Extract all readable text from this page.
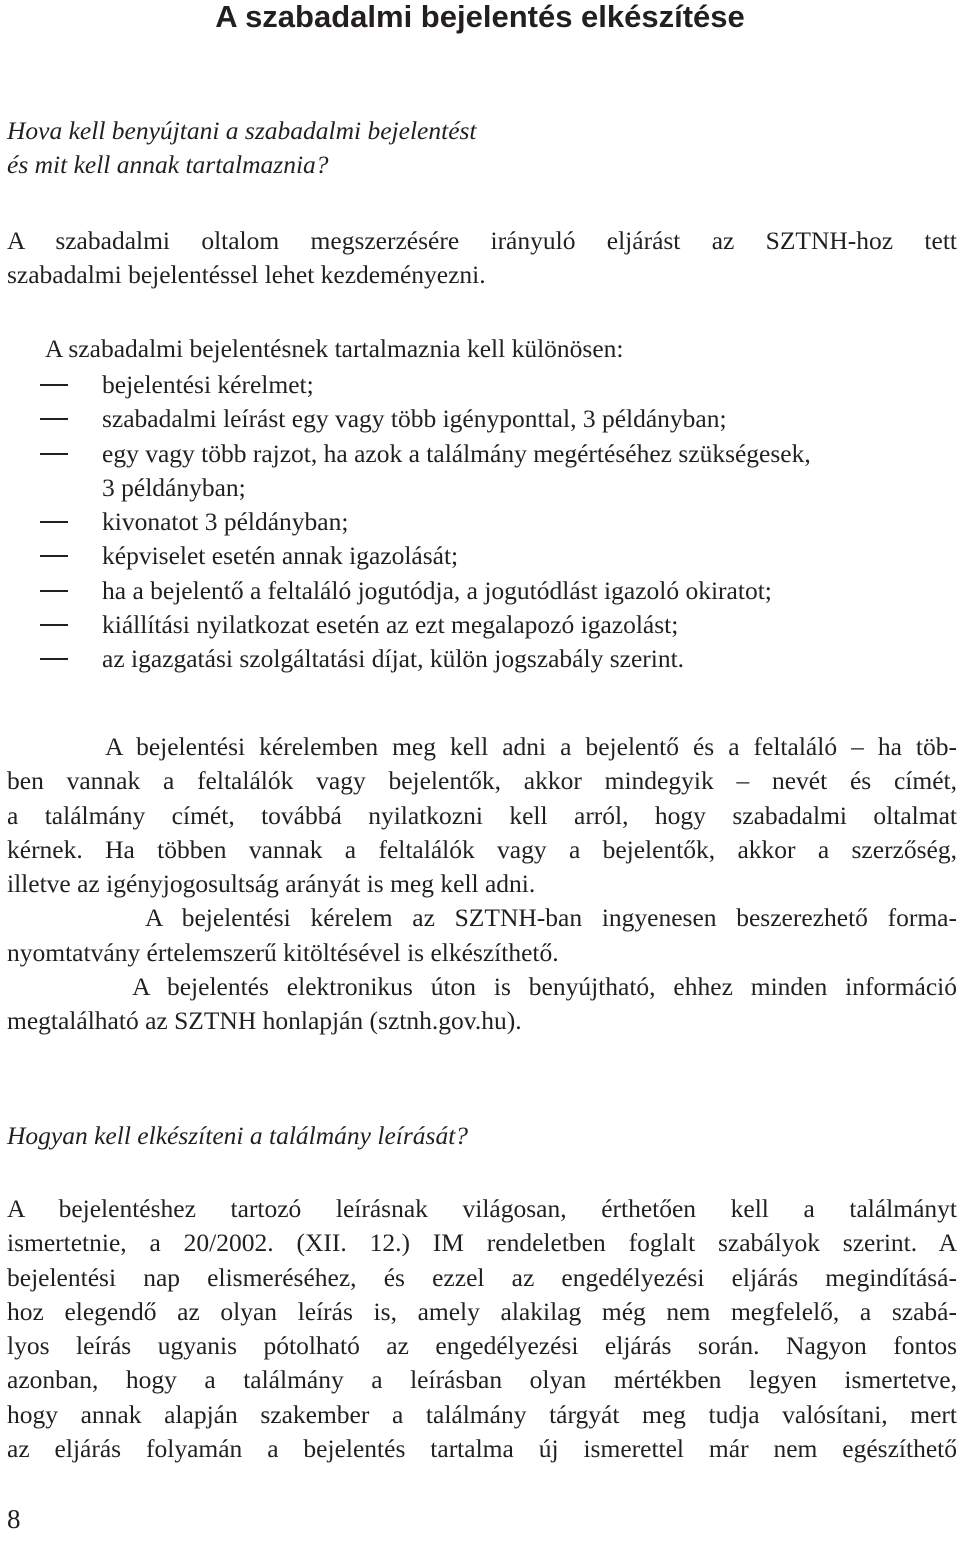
A szabadalmi bejelentés elkészítése
Hova kell benyújtani a szabadalmi bejelentést
és mit kell annak tartalmaznia?
A szabadalmi oltalom megszerzésére irányuló eljárást az SZTNH-hoz tett
szabadalmi bejelentéssel lehet kezdeményezni.
A szabadalmi bejelentésnek tartalmaznia kell különösen:
bejelentési kérelmet;
szabadalmi leírást egy vagy több igényponttal, 3 példányban;
egy vagy több rajzot, ha azok a találmány megértéséhez szükségesek,
3 példányban;
kivonatot 3 példányban;
képviselet esetén annak igazolását;
ha a bejelentő a feltaláló jogutódja, a jogutódlást igazoló okiratot;
kiállítási nyilatkozat esetén az ezt megalapozó igazolást;
az igazgatási szolgáltatási díjat, külön jogszabály szerint.
A bejelentési kérelemben meg kell adni a bejelentő és a feltaláló – ha töb-
ben vannak a feltalálók vagy bejelentők, akkor mindegyik – nevét és címét,
a találmány címét, továbbá nyilatkozni kell arról, hogy szabadalmi oltalmat
kérnek. Ha többen vannak a feltalálók vagy a bejelentők, akkor a szerzőség,
illetve az igényjogosultság arányát is meg kell adni.
A bejelentési kérelem az SZTNH-ban ingyenesen beszerezhető forma-
nyomtatvány értelemszerű kitöltésével is elkészíthető.
A bejelentés elektronikus úton is benyújtható, ehhez minden információ
megtalálható az SZTNH honlapján (sztnh.gov.hu).
Hogyan kell elkészíteni a találmány leírását?
A bejelentéshez tartozó leírásnak világosan, érthetően kell a találmányt
ismertetnie, a 20/2002. (XII. 12.) IM rendeletben foglalt szabályok szerint. A
bejelentési nap elismeréséhez, és ezzel az engedélyezési eljárás megindításá-
hoz elegendő az olyan leírás is, amely alakilag még nem megfelelő, a szabá-
lyos leírás ugyanis pótolható az engedélyezési eljárás során. Nagyon fontos
azonban, hogy a találmány a leírásban olyan mértékben legyen ismertetve,
hogy annak alapján szakember a találmány tárgyát meg tudja valósítani, mert
az eljárás folyamán a bejelentés tartalma új ismerettel már nem egészíthető
8
